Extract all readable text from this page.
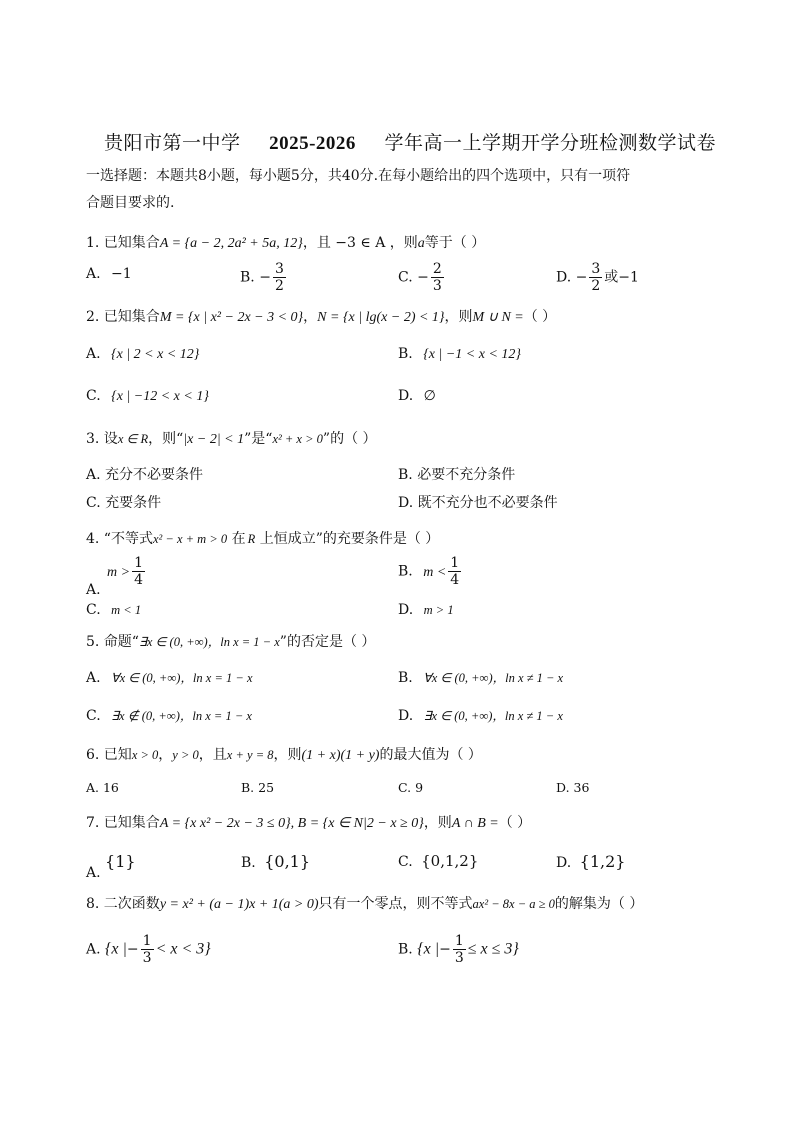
贵阳市第一中学 2025-2026 学年高一上学期开学分班检测数学试卷
一选择题：本题共8小题，每小题5分，共40分.在每小题给出的四个选项中，只有一项符
合题目要求的.
1. 已知集合A = {a − 2, 2a² + 5a, 12}，且 −3 ∈ A ，则a等于（ ）
A. −1	B. − $\frac{3}{2}$	C. − $\frac{2}{3}$	D. − $\frac{3}{2}$ 或−1
2. 已知集合M = {x | x² − 2x − 3 < 0}，N = {x | lg(x − 2) < 1}，则M ∪ N =（ ）
A. {x | 2 < x < 12}	B. {x | −1 < x < 12}
C. {x | −12 < x < 1}	D. ∅
3. 设x ∈ R，则“|x − 2| < 1”是“x² + x > 0”的（ ）
A. 充分不必要条件	B. 必要不充分条件
C. 充要条件	D. 既不充分也不必要条件
4. “不等式x² − x + m > 0 在 R 上恒成立”的充要条件是（ ）
A. $m > \frac{1}{4}$	B. $m < \frac{1}{4}$
C. m < 1	D. m > 1
5. 命题“∃x ∈ (0, +∞)，ln x = 1 − x”的否定是（ ）
A. ∀x ∈ (0, +∞)，ln x = 1 − x	B. ∀x ∈ (0, +∞)，ln x ≠ 1 − x
C. ∃x ∉ (0, +∞)，ln x = 1 − x	D. ∃x ∈ (0, +∞)，ln x ≠ 1 − x
6. 已知x > 0，y > 0，且x + y = 8，则(1 + x)(1 + y)的最大值为（ ）
A. 16	B. 25	C. 9	D. 36
7. 已知集合A = {x x² − 2x − 3 ≤ 0}, B = {x ∈ N|2 − x ≥ 0}，则A ∩ B =（ ）
A. {1}	B. {0,1}	C. {0,1,2}	D. {1,2}
8. 二次函数y = x² + (a − 1)x + 1(a > 0)只有一个零点，则不等式ax² − 8x − a ≥ 0的解集为（ ）
A. {x |− $\frac{1}{3} < x < 3$}	B. {x |− $\frac{1}{3} \le x \le 3$}
